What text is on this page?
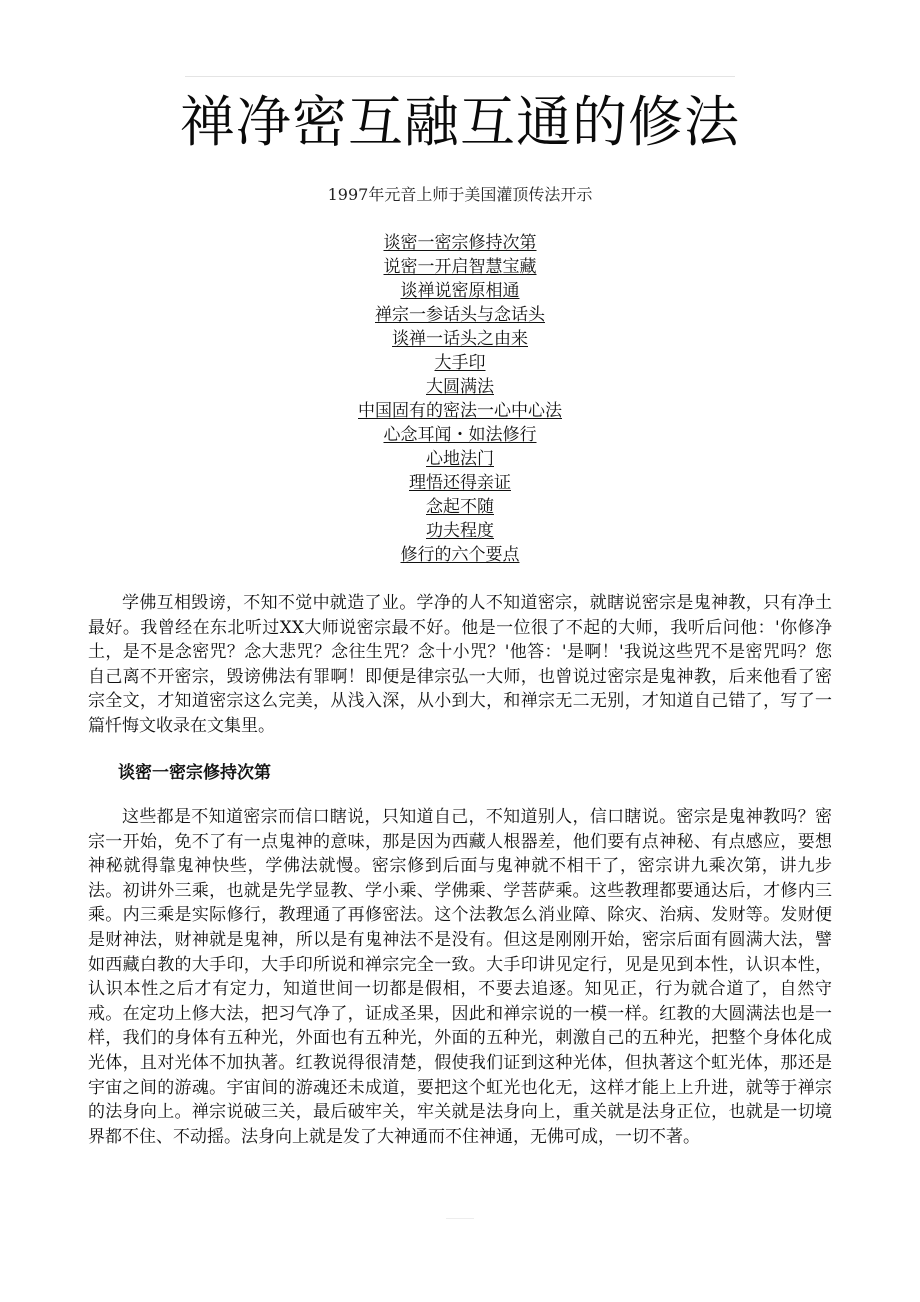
禅净密互融互通的修法
1997年元音上师于美国灌顶传法开示
谈密一密宗修持次第
说密一开启智慧宝藏
谈禅说密原相通
禅宗一参话头与念话头
谈禅一话头之由来
大手印
大圆满法
中国固有的密法一心中心法
心念耳闻・如法修行
心地法门
理悟还得亲证
念起不随
功夫程度
修行的六个要点

学佛互相毁谤，不知不觉中就造了业。学净的人不知道密宗，就瞎说密宗是鬼神教，只有净土最好。我曾经在东北听过XX大师说密宗最不好。他是一位很了不起的大师，我听后问他：'你修净土，是不是念密咒？念大悲咒？念往生咒？念十小咒？'他答：'是啊！'我说这些咒不是密咒吗？您自己离不开密宗，毁谤佛法有罪啊！即便是律宗弘一大师，也曾说过密宗是鬼神教，后来他看了密宗全文，才知道密宗这么完美，从浅入深，从小到大，和禅宗无二无别，才知道自己错了，写了一篇忏悔文收录在文集里。

谈密一密宗修持次第

这些都是不知道密宗而信口瞎说，只知道自己，不知道别人，信口瞎说。密宗是鬼神教吗？密宗一开始，免不了有一点鬼神的意味，那是因为西藏人根器差，他们要有点神秘、有点感应，要想神秘就得靠鬼神快些，学佛法就慢。密宗修到后面与鬼神就不相干了，密宗讲九乘次第，讲九步法。初讲外三乘，也就是先学显教、学小乘、学佛乘、学菩萨乘。这些教理都要通达后，才修内三乘。内三乘是实际修行，教理通了再修密法。这个法教怎么消业障、除灾、治病、发财等。发财便是财神法，财神就是鬼神，所以是有鬼神法不是没有。但这是刚刚开始，密宗后面有圆满大法，譬如西藏白教的大手印，大手印所说和禅宗完全一致。大手印讲见定行，见是见到本性，认识本性，认识本性之后才有定力，知道世间一切都是假相，不要去追逐。知见正，行为就合道了，自然守戒。在定功上修大法，把习气净了，证成圣果，因此和禅宗说的一模一样。红教的大圆满法也是一样，我们的身体有五种光，外面也有五种光，外面的五种光，刺激自己的五种光，把整个身体化成光体，且对光体不加执著。红教说得很清楚，假使我们证到这种光体，但执著这个虹光体，那还是宇宙之间的游魂。宇宙间的游魂还未成道，要把这个虹光也化无，这样才能上上升进，就等于禅宗的法身向上。禅宗说破三关，最后破牢关，牢关就是法身向上，重关就是法身正位，也就是一切境界都不住、不动摇。法身向上就是发了大神通而不住神通，无佛可成，一切不著。
